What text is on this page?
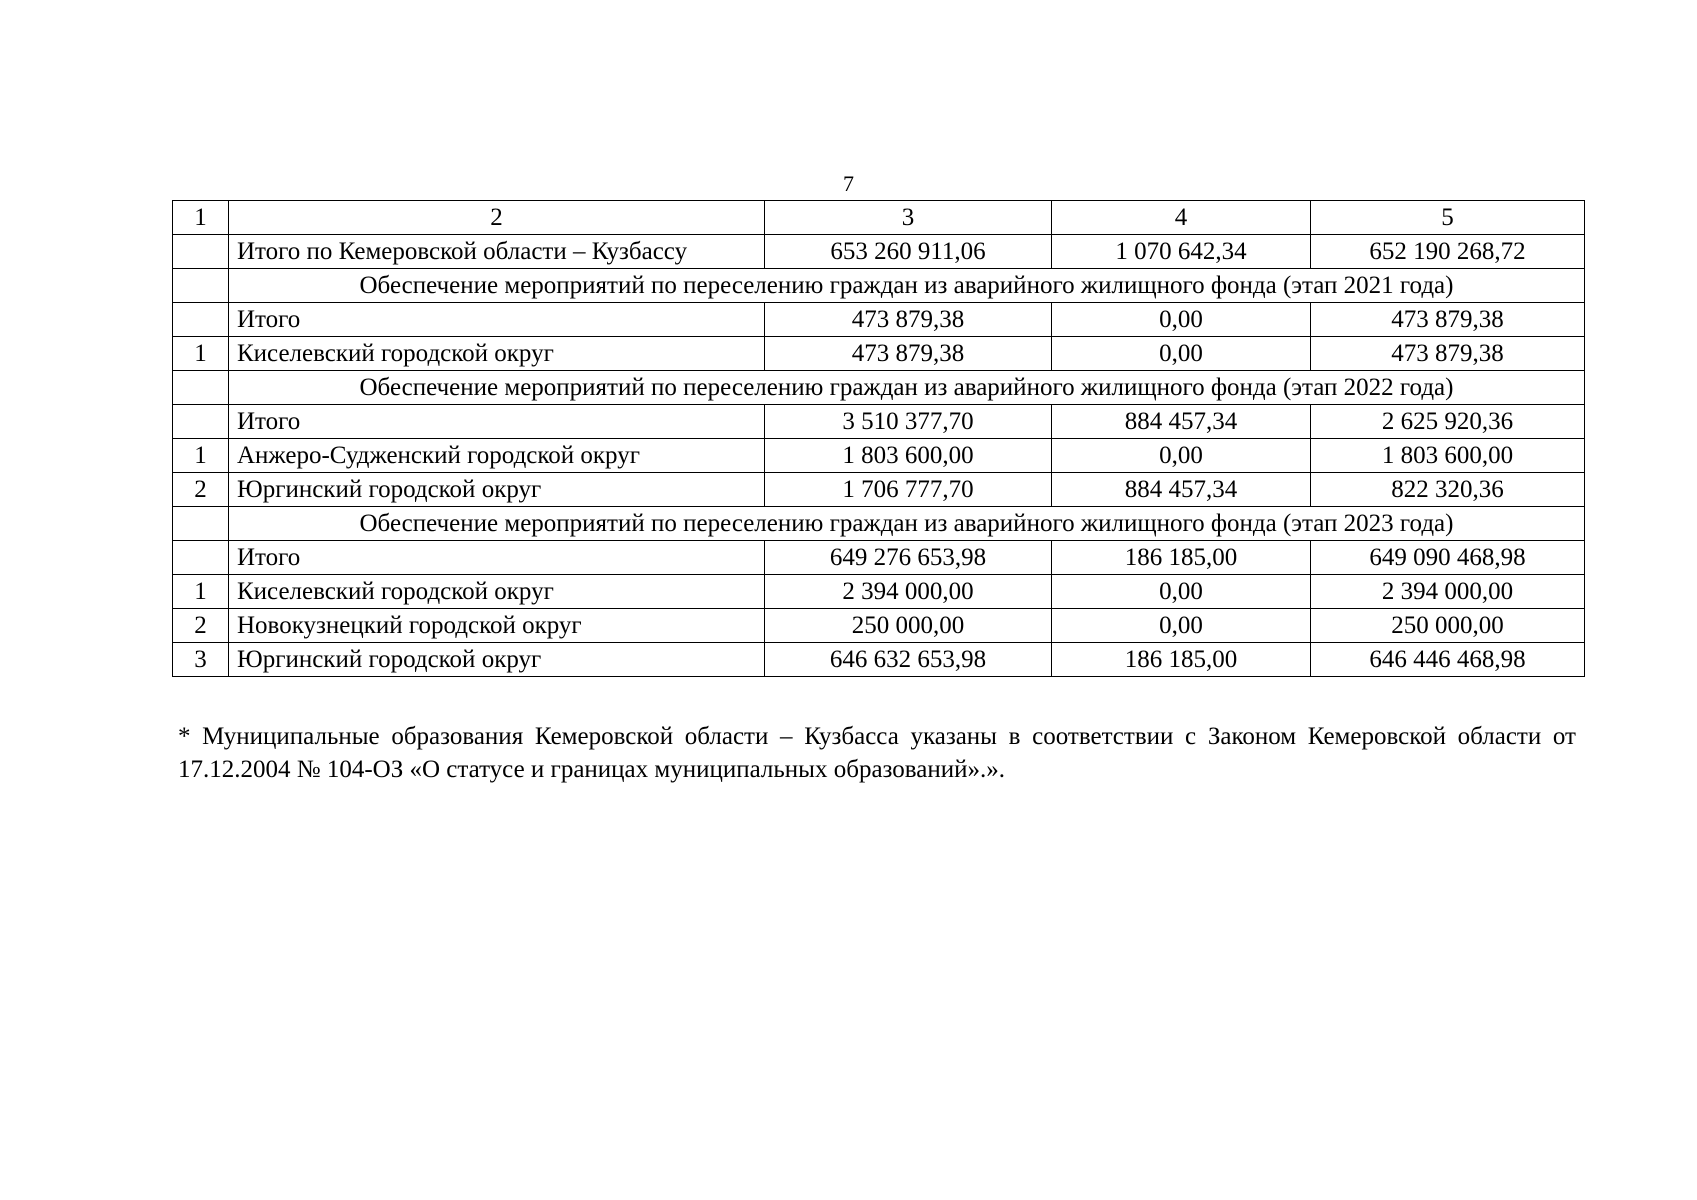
7
1	2	3	4	5
	Итого по Кемеровской области – Кузбассу	653 260 911,06	1 070 642,34	652 190 268,72
	Обеспечение мероприятий по переселению граждан из аварийного жилищного фонда (этап 2021 года)			
	Итого	473 879,38	0,00	473 879,38
1	Киселевский городской округ	473 879,38	0,00	473 879,38
	Обеспечение мероприятий по переселению граждан из аварийного жилищного фонда (этап 2022 года)			
	Итого	3 510 377,70	884 457,34	2 625 920,36
1	Анжеро-Судженский городской округ	1 803 600,00	0,00	1 803 600,00
2	Юргинский городской округ	1 706 777,70	884 457,34	822 320,36
	Обеспечение мероприятий по переселению граждан из аварийного жилищного фонда (этап 2023 года)			
	Итого	649 276 653,98	186 185,00	649 090 468,98
1	Киселевский городской округ	2 394 000,00	0,00	2 394 000,00
2	Новокузнецкий городской округ	250 000,00	0,00	250 000,00
3	Юргинский городской округ	646 632 653,98	186 185,00	646 446 468,98
* Муниципальные образования Кемеровской области – Кузбасса указаны в соответствии с Законом Кемеровской области от 17.12.2004 № 104-ОЗ «О статусе и границах муниципальных образований».».
